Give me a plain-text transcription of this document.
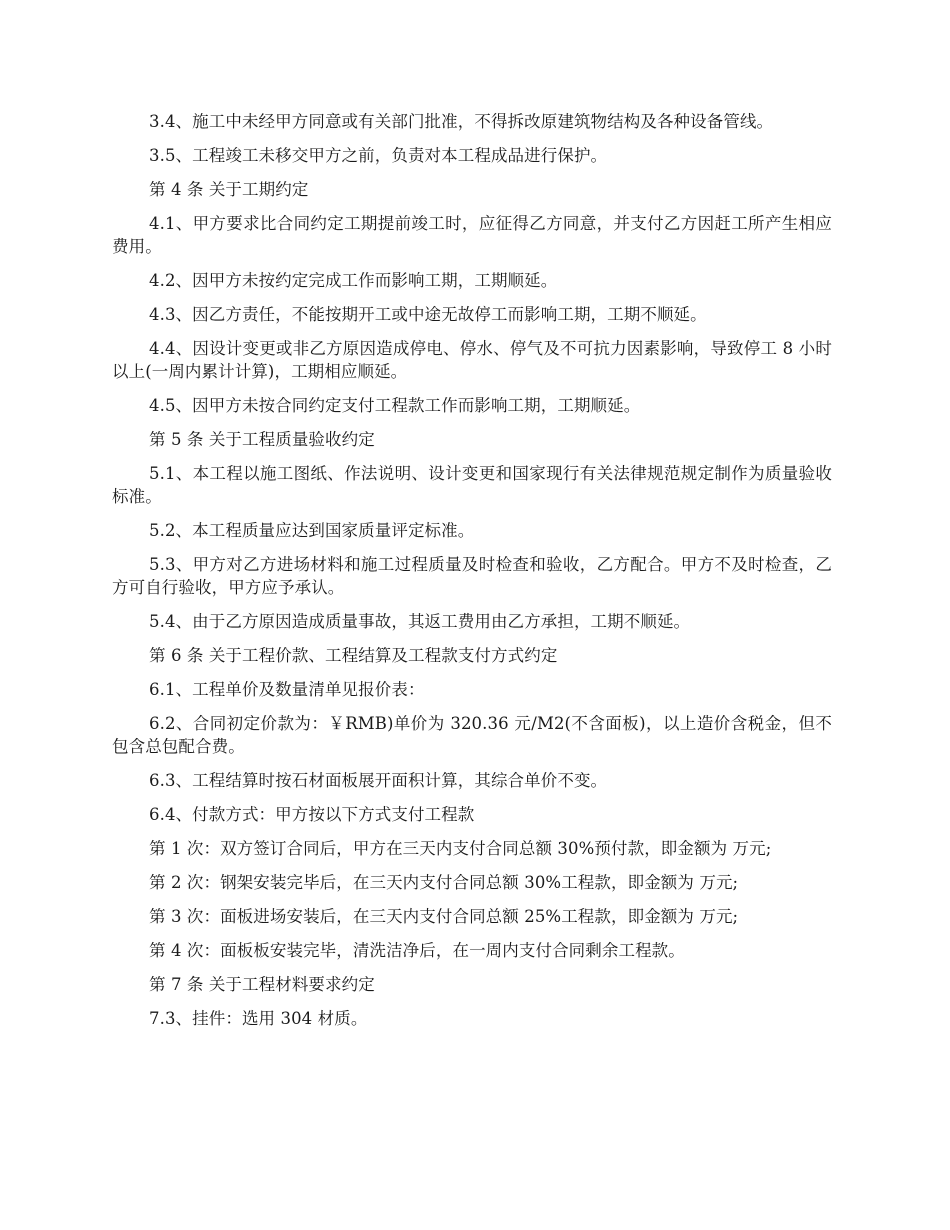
3.4、施工中未经甲方同意或有关部门批准，不得拆改原建筑物结构及各种设备管线。

3.5、工程竣工未移交甲方之前，负责对本工程成品进行保护。

第 4 条 关于工期约定

4.1、甲方要求比合同约定工期提前竣工时，应征得乙方同意，并支付乙方因赶工所产生相应费用。

4.2、因甲方未按约定完成工作而影响工期，工期顺延。

4.3、因乙方责任，不能按期开工或中途无故停工而影响工期，工期不顺延。

4.4、因设计变更或非乙方原因造成停电、停水、停气及不可抗力因素影响，导致停工 8 小时以上(一周内累计计算)，工期相应顺延。

4.5、因甲方未按合同约定支付工程款工作而影响工期，工期顺延。

第 5 条 关于工程质量验收约定

5.1、本工程以施工图纸、作法说明、设计变更和国家现行有关法律规范规定制作为质量验收标准。

5.2、本工程质量应达到国家质量评定标准。

5.3、甲方对乙方进场材料和施工过程质量及时检查和验收，乙方配合。甲方不及时检查，乙方可自行验收，甲方应予承认。

5.4、由于乙方原因造成质量事故，其返工费用由乙方承担，工期不顺延。

第 6 条 关于工程价款、工程结算及工程款支付方式约定

6.1、工程单价及数量清单见报价表：

6.2、合同初定价款为：￥RMB)单价为 320.36 元/M2(不含面板)，以上造价含税金，但不包含总包配合费。

6.3、工程结算时按石材面板展开面积计算，其综合单价不变。

6.4、付款方式：甲方按以下方式支付工程款

第 1 次：双方签订合同后，甲方在三天内支付合同总额 30%预付款，即金额为 万元;

第 2 次：钢架安装完毕后，在三天内支付合同总额 30%工程款，即金额为 万元;

第 3 次：面板进场安装后，在三天内支付合同总额 25%工程款，即金额为 万元;

第 4 次：面板板安装完毕，清洗洁净后，在一周内支付合同剩余工程款。

第 7 条 关于工程材料要求约定

7.3、挂件：选用 304 材质。
